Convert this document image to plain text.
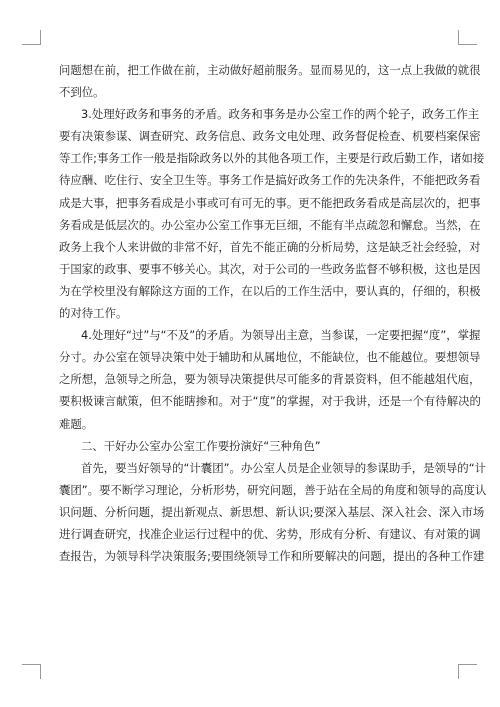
问题想在前，把工作做在前，主动做好超前服务。显而易见的，这一点上我做的就很
不到位。
3.处理好政务和事务的矛盾。政务和事务是办公室工作的两个轮子，政务工作主
要有决策参谋、调查研究、政务信息、政务文电处理、政务督促检查、机要档案保密
等工作;事务工作一般是指除政务以外的其他各项工作，主要是行政后勤工作，诸如接
待应酬、吃住行、安全卫生等。事务工作是搞好政务工作的先决条件，不能把政务看
成是大事，把事务看成是小事或可有可无的事。更不能把政务看成是高层次的，把事
务看成是低层次的。办公室办公室工作事无巨细，不能有半点疏忽和懈怠。当然，在
政务上我个人来讲做的非常不好，首先不能正确的分析局势，这是缺乏社会经验，对
于国家的政事、要事不够关心。其次，对于公司的一些政务监督不够积极，这也是因
为在学校里没有解除这方面的工作，在以后的工作生活中，要认真的，仔细的，积极
的对待工作。
4.处理好“过”与“不及”的矛盾。为领导出主意，当参谋，一定要把握“度”，掌握
分寸。办公室在领导决策中处于辅助和从属地位，不能缺位，也不能越位。要想领导
之所想，急领导之所急，要为领导决策提供尽可能多的背景资料，但不能越俎代庖，
要积极谏言献策，但不能瞎掺和。对于“度”的掌握，对于我讲，还是一个有待解决的
难题。
二、干好办公室办公室工作要扮演好“三种角色”
首先，要当好领导的“计囊团”。办公室人员是企业领导的参谋助手，是领导的“计
囊团”。要不断学习理论，分析形势，研究问题，善于站在全局的角度和领导的高度认
识问题、分析问题，提出新观点、新思想、新认识;要深入基层、深入社会、深入市场
进行调查研究，找准企业运行过程中的优、劣势，形成有分析、有建议、有对策的调
查报告，为领导科学决策服务;要围绕领导工作和所要解决的问题，提出的各种工作建
